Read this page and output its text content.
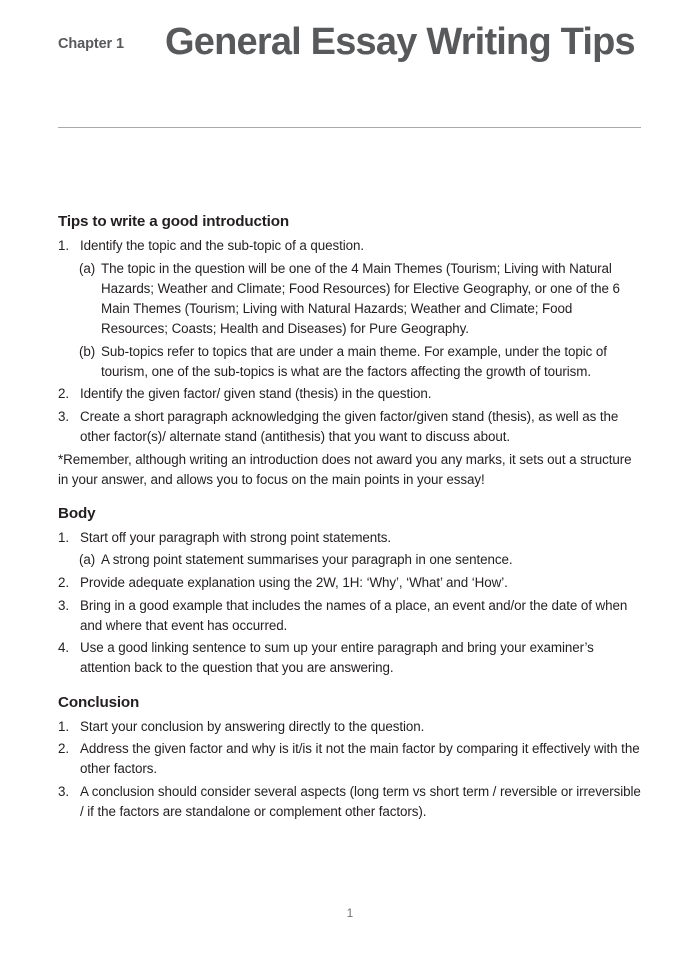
Chapter 1 General Essay Writing Tips
Tips to write a good introduction
1. Identify the topic and the sub-topic of a question.
(a) The topic in the question will be one of the 4 Main Themes (Tourism; Living with Natural Hazards; Weather and Climate; Food Resources) for Elective Geography, or one of the 6 Main Themes (Tourism; Living with Natural Hazards; Weather and Climate; Food Resources; Coasts; Health and Diseases) for Pure Geography.
(b) Sub-topics refer to topics that are under a main theme. For example, under the topic of tourism, one of the sub-topics is what are the factors affecting the growth of tourism.
2. Identify the given factor/ given stand (thesis) in the question.
3. Create a short paragraph acknowledging the given factor/given stand (thesis), as well as the other factor(s)/ alternate stand (antithesis) that you want to discuss about.
*Remember, although writing an introduction does not award you any marks, it sets out a structure in your answer, and allows you to focus on the main points in your essay!
Body
1. Start off your paragraph with strong point statements.
(a) A strong point statement summarises your paragraph in one sentence.
2. Provide adequate explanation using the 2W, 1H: ‘Why’, ‘What’ and ‘How’.
3. Bring in a good example that includes the names of a place, an event and/or the date of when and where that event has occurred.
4. Use a good linking sentence to sum up your entire paragraph and bring your examiner’s attention back to the question that you are answering.
Conclusion
1. Start your conclusion by answering directly to the question.
2. Address the given factor and why is it/is it not the main factor by comparing it effectively with the other factors.
3. A conclusion should consider several aspects (long term vs short term / reversible or irreversible / if the factors are standalone or complement other factors).
1
